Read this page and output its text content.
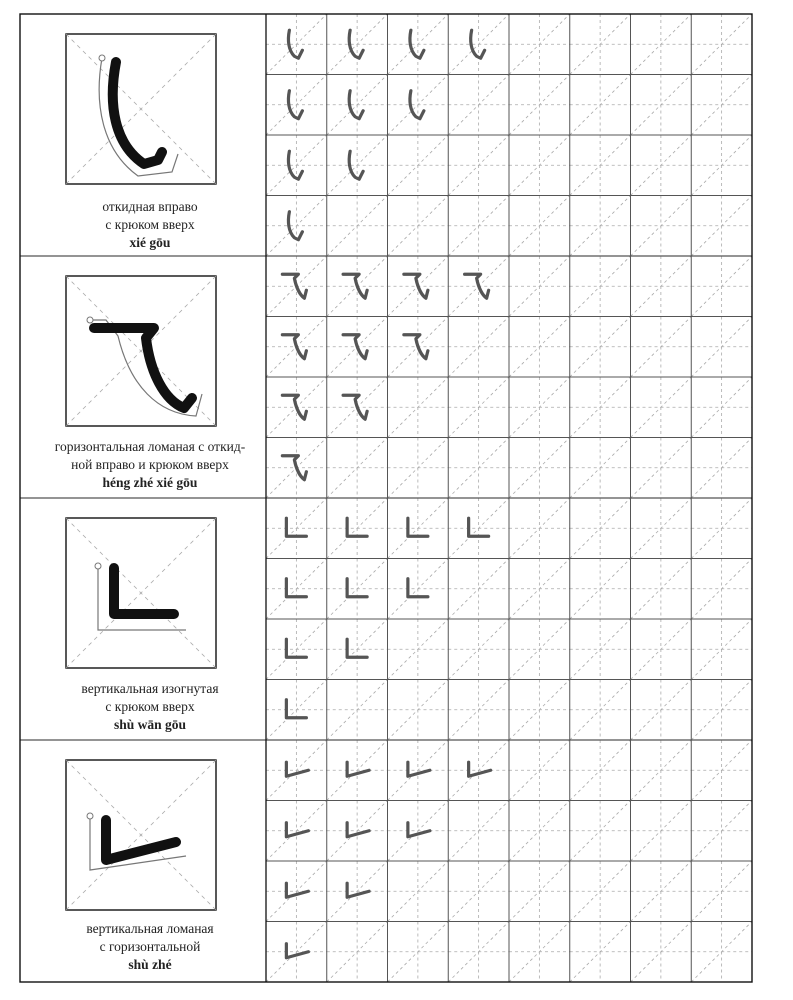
откидная вправо
с крюком вверх
xié gōu
горизонтальная ломаная с откид-
ной вправо и крюком вверх
héng zhé xié gōu
вертикальная изогнутая
с крюком вверх
shù wān gōu
вертикальная ломаная
с горизонтальной
shù zhé
